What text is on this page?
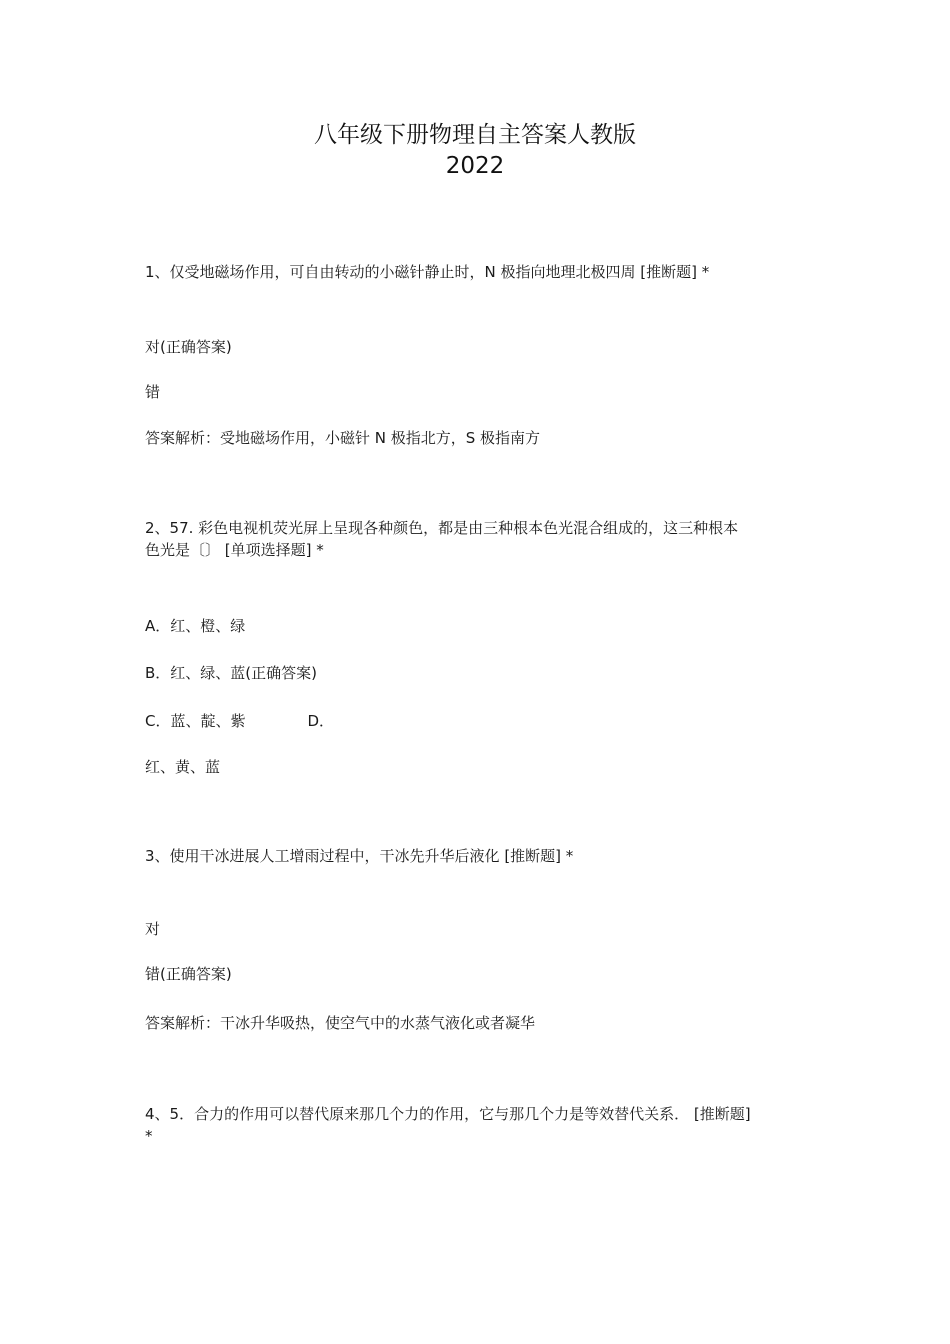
八年级下册物理自主答案人教版
2022
1、仅受地磁场作用，可自由转动的小磁针静止时，N 极指向地理北极四周 [推断题] *
对(正确答案)
错
答案解析：受地磁场作用，小磁针 N 极指北方，S 极指南方
2、57. 彩色电视机荧光屏上呈现各种颜色，都是由三种根本色光混合组成的，这三种根本
色光是〔〕 [单项选择题] *
A．红、橙、绿
B．红、绿、蓝(正确答案)
C．蓝、靛、紫	D．
红、黄、蓝
3、使用干冰进展人工增雨过程中，干冰先升华后液化 [推断题] *
对
错(正确答案)
答案解析：干冰升华吸热，使空气中的水蒸气液化或者凝华
4、5．合力的作用可以替代原来那几个力的作用，它与那几个力是等效替代关系． [推断题]
*
